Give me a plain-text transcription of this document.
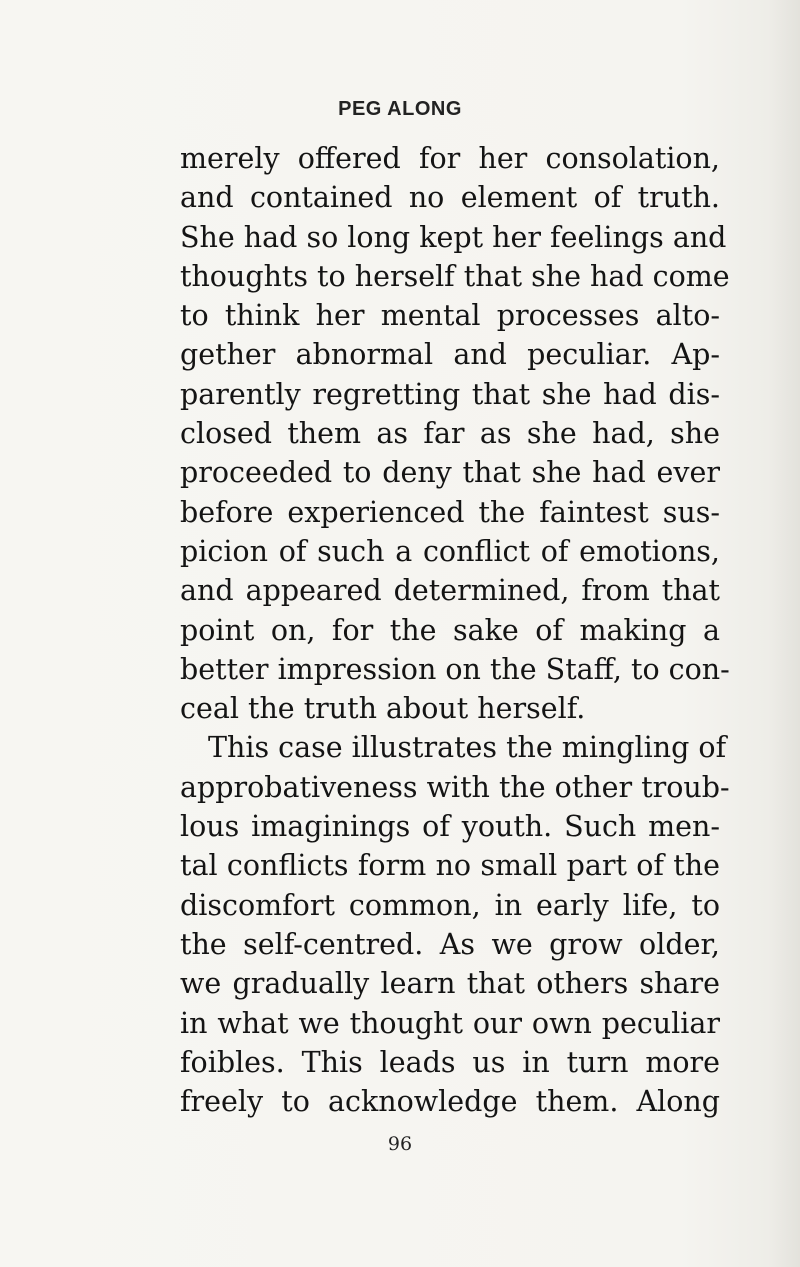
PEG ALONG
merely offered for her consolation,
and contained no element of truth.
She had so long kept her feelings and
thoughts to herself that she had come
to think her mental processes alto-
gether abnormal and peculiar. Ap-
parently regretting that she had dis-
closed them as far as she had, she
proceeded to deny that she had ever
before experienced the faintest sus-
picion of such a conflict of emotions,
and appeared determined, from that
point on, for the sake of making a
better impression on the Staff, to con-
ceal the truth about herself.
This case illustrates the mingling of
approbativeness with the other troub-
lous imaginings of youth. Such men-
tal conflicts form no small part of the
discomfort common, in early life, to
the self-centred. As we grow older,
we gradually learn that others share
in what we thought our own peculiar
foibles. This leads us in turn more
freely to acknowledge them. Along
96
